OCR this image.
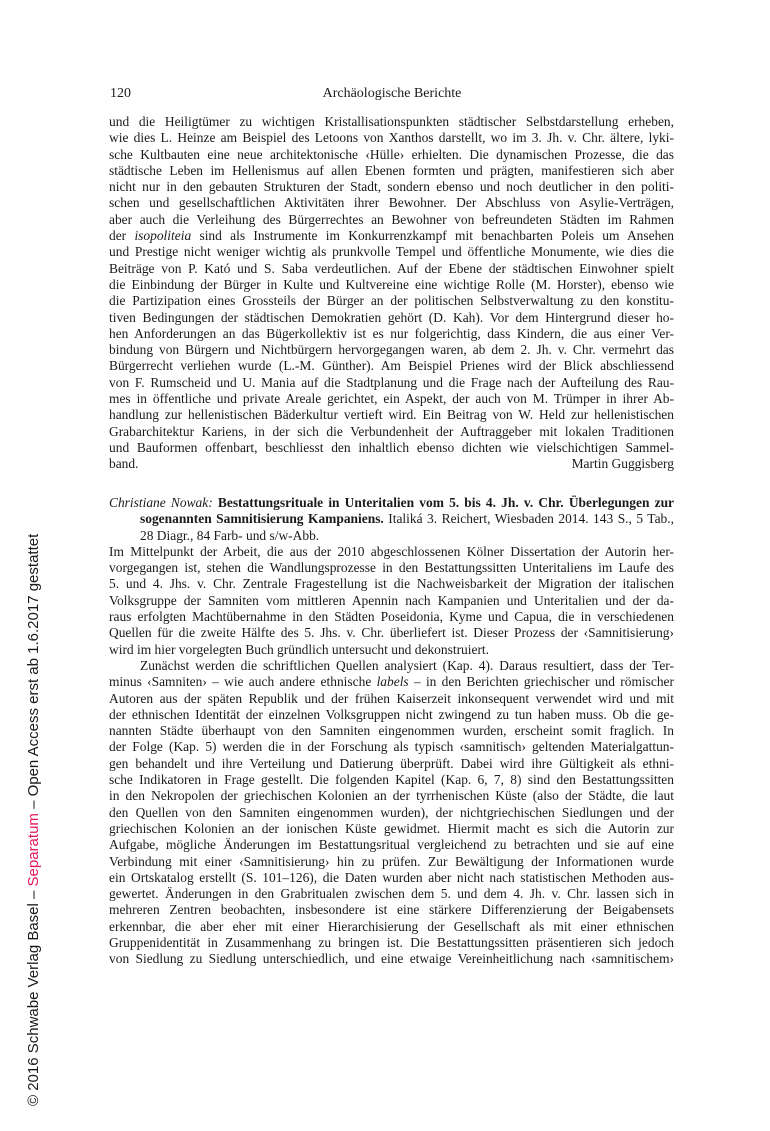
120	Archäologische Berichte
und die Heiligtümer zu wichtigen Kristallisationspunkten städtischer Selbstdarstellung erheben,
wie dies L. Heinze am Beispiel des Letoons von Xanthos darstellt, wo im 3. Jh. v. Chr. ältere, lyki-
sche Kultbauten eine neue architektonische ‹Hülle› erhielten. Die dynamischen Prozesse, die das
städtische Leben im Hellenismus auf allen Ebenen formten und prägten, manifestieren sich aber
nicht nur in den gebauten Strukturen der Stadt, sondern ebenso und noch deutlicher in den politi-
schen und gesellschaftlichen Aktivitäten ihrer Bewohner. Der Abschluss von Asylie-Verträgen,
aber auch die Verleihung des Bürgerrechtes an Bewohner von befreundeten Städten im Rahmen
der isopoliteia sind als Instrumente im Konkurrenzkampf mit benachbarten Poleis um Ansehen
und Prestige nicht weniger wichtig als prunkvolle Tempel und öffentliche Monumente, wie dies die
Beiträge von P. Kató und S. Saba verdeutlichen. Auf der Ebene der städtischen Einwohner spielt
die Einbindung der Bürger in Kulte und Kultvereine eine wichtige Rolle (M. Horster), ebenso wie
die Partizipation eines Grossteils der Bürger an der politischen Selbstverwaltung zu den konstitu-
tiven Bedingungen der städtischen Demokratien gehört (D. Kah). Vor dem Hintergrund dieser ho-
hen Anforderungen an das Bügerkollektiv ist es nur folgerichtig, dass Kindern, die aus einer Ver-
bindung von Bürgern und Nichtbürgern hervorgegangen waren, ab dem 2. Jh. v. Chr. vermehrt das
Bürgerrecht verliehen wurde (L.-M. Günther). Am Beispiel Prienes wird der Blick abschliessend
von F. Rumscheid und U. Mania auf die Stadtplanung und die Frage nach der Aufteilung des Rau-
mes in öffentliche und private Areale gerichtet, ein Aspekt, der auch von M. Trümper in ihrer Ab-
handlung zur hellenistischen Bäderkultur vertieft wird. Ein Beitrag von W. Held zur hellenistischen
Grabarchitektur Kariens, in der sich die Verbundenheit der Auftraggeber mit lokalen Traditionen
und Bauformen offenbart, beschliesst den inhaltlich ebenso dichten wie vielschichtigen Sammel-
band.	Martin Guggisberg
Christiane Nowak: Bestattungsrituale in Unteritalien vom 5. bis 4. Jh. v. Chr. Überlegungen zur
sogenannten Samnitisierung Kampaniens. Italiká 3. Reichert, Wiesbaden 2014. 143 S., 5 Tab.,
28 Diagr., 84 Farb- und s/w-Abb.
Im Mittelpunkt der Arbeit, die aus der 2010 abgeschlossenen Kölner Dissertation der Autorin her-
vorgegangen ist, stehen die Wandlungsprozesse in den Bestattungssitten Unteritaliens im Laufe des
5. und 4. Jhs. v. Chr. Zentrale Fragestellung ist die Nachweisbarkeit der Migration der italischen
Volksgruppe der Samniten vom mittleren Apennin nach Kampanien und Unteritalien und der da-
raus erfolgten Machtübernahme in den Städten Poseidonia, Kyme und Capua, die in verschiedenen
Quellen für die zweite Hälfte des 5. Jhs. v. Chr. überliefert ist. Dieser Prozess der ‹Samnitisierung›
wird im hier vorgelegten Buch gründlich untersucht und dekonstruiert.
Zunächst werden die schriftlichen Quellen analysiert (Kap. 4). Daraus resultiert, dass der Ter-
minus ‹Samniten› – wie auch andere ethnische labels – in den Berichten griechischer und römischer
Autoren aus der späten Republik und der frühen Kaiserzeit inkonsequent verwendet wird und mit
der ethnischen Identität der einzelnen Volksgruppen nicht zwingend zu tun haben muss. Ob die ge-
nannten Städte überhaupt von den Samniten eingenommen wurden, erscheint somit fraglich. In
der Folge (Kap. 5) werden die in der Forschung als typisch ‹samnitisch› geltenden Materialgattun-
gen behandelt und ihre Verteilung und Datierung überprüft. Dabei wird ihre Gültigkeit als ethni-
sche Indikatoren in Frage gestellt. Die folgenden Kapitel (Kap. 6, 7, 8) sind den Bestattungssitten
in den Nekropolen der griechischen Kolonien an der tyrrhenischen Küste (also der Städte, die laut
den Quellen von den Samniten eingenommen wurden), der nichtgriechischen Siedlungen und der
griechischen Kolonien an der ionischen Küste gewidmet. Hiermit macht es sich die Autorin zur
Aufgabe, mögliche Änderungen im Bestattungsritual vergleichend zu betrachten und sie auf eine
Verbindung mit einer ‹Samnitisierung› hin zu prüfen. Zur Bewältigung der Informationen wurde
ein Ortskatalog erstellt (S. 101–126), die Daten wurden aber nicht nach statistischen Methoden aus-
gewertet. Änderungen in den Grabritualen zwischen dem 5. und dem 4. Jh. v. Chr. lassen sich in
mehreren Zentren beobachten, insbesondere ist eine stärkere Differenzierung der Beigabensets
erkennbar, die aber eher mit einer Hierarchisierung der Gesellschaft als mit einer ethnischen
Gruppenidentität in Zusammenhang zu bringen ist. Die Bestattungssitten präsentieren sich jedoch
von Siedlung zu Siedlung unterschiedlich, und eine etwaige Vereinheitlichung nach ‹samnitischem›
© 2016 Schwabe Verlag Basel – Separatum – Open Access erst ab 1.6.2017 gestattet
